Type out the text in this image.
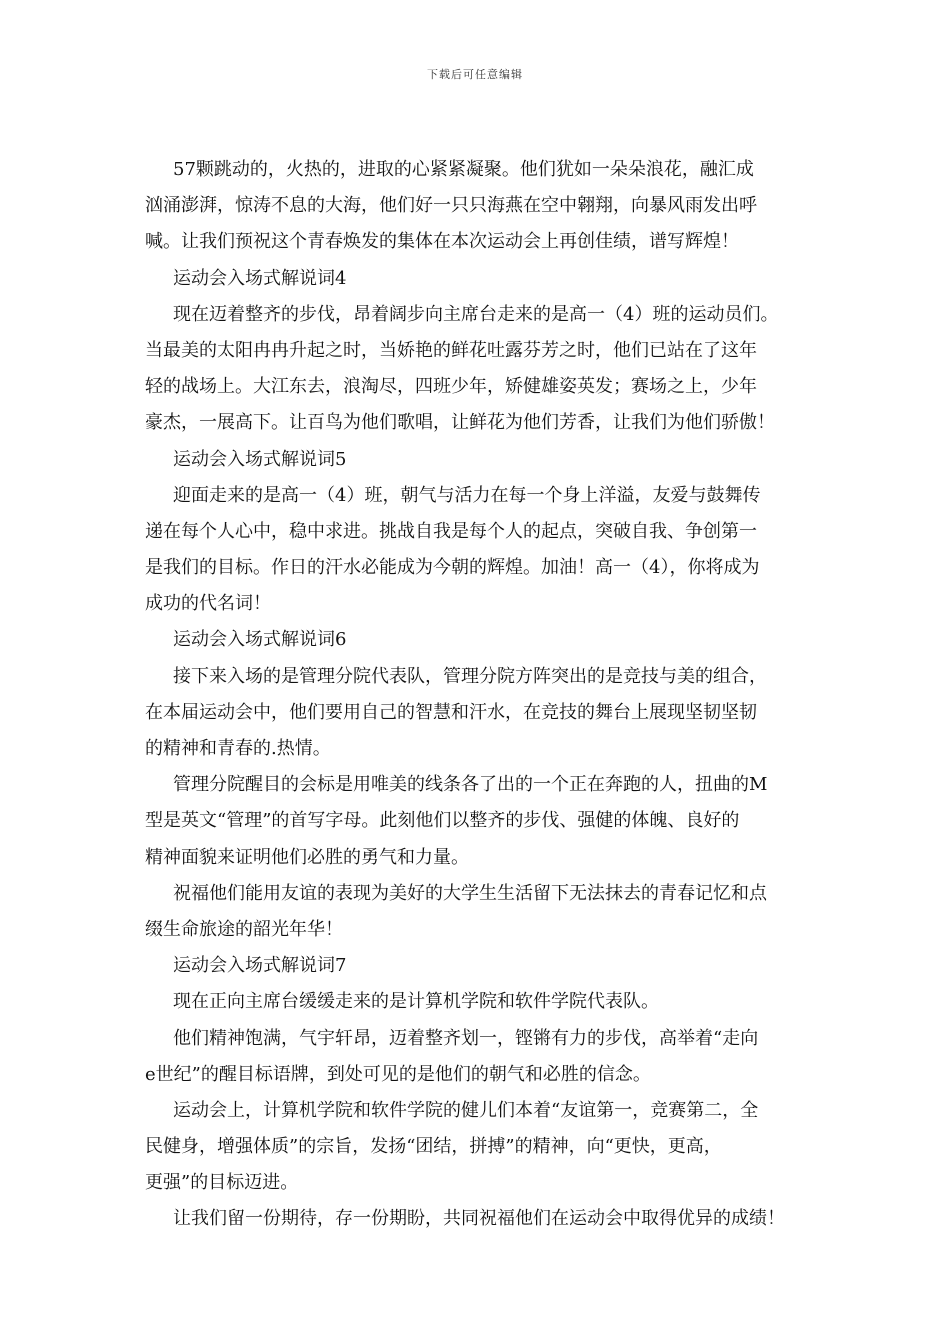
下载后可任意编辑
57颗跳动的，火热的，进取的心紧紧凝聚。他们犹如一朵朵浪花，融汇成
汹涌澎湃，惊涛不息的大海，他们好一只只海燕在空中翱翔，向暴风雨发出呼
喊。让我们预祝这个青春焕发的集体在本次运动会上再创佳绩，谱写辉煌！
运动会入场式解说词4
现在迈着整齐的步伐，昂着阔步向主席台走来的是高一（4）班的运动员们。
当最美的太阳冉冉升起之时，当娇艳的鲜花吐露芬芳之时，他们已站在了这年
轻的战场上。大江东去，浪淘尽，四班少年，矫健雄姿英发；赛场之上，少年
豪杰，一展高下。让百鸟为他们歌唱，让鲜花为他们芳香，让我们为他们骄傲！
运动会入场式解说词5
迎面走来的是高一（4）班，朝气与活力在每一个身上洋溢，友爱与鼓舞传
递在每个人心中，稳中求进。挑战自我是每个人的起点，突破自我、争创第一
是我们的目标。作日的汗水必能成为今朝的辉煌。加油！高一（4），你将成为
成功的代名词！
运动会入场式解说词6
接下来入场的是管理分院代表队，管理分院方阵突出的是竞技与美的组合，
在本届运动会中，他们要用自己的智慧和汗水，在竞技的舞台上展现坚韧坚韧
的精神和青春的.热情。
管理分院醒目的会标是用唯美的线条各了出的一个正在奔跑的人，扭曲的M
型是英文“管理”的首写字母。此刻他们以整齐的步伐、强健的体魄、良好的
精神面貌来证明他们必胜的勇气和力量。
祝福他们能用友谊的表现为美好的大学生生活留下无法抹去的青春记忆和点
缀生命旅途的韶光年华！
运动会入场式解说词7
现在正向主席台缓缓走来的是计算机学院和软件学院代表队。
他们精神饱满，气宇轩昂，迈着整齐划一，铿锵有力的步伐，高举着“走向
e世纪”的醒目标语牌，到处可见的是他们的朝气和必胜的信念。
运动会上，计算机学院和软件学院的健儿们本着“友谊第一，竞赛第二，全
民健身，增强体质”的宗旨，发扬“团结，拼搏”的精神，向“更快，更高，
更强”的目标迈进。
让我们留一份期待，存一份期盼，共同祝福他们在运动会中取得优异的成绩！
